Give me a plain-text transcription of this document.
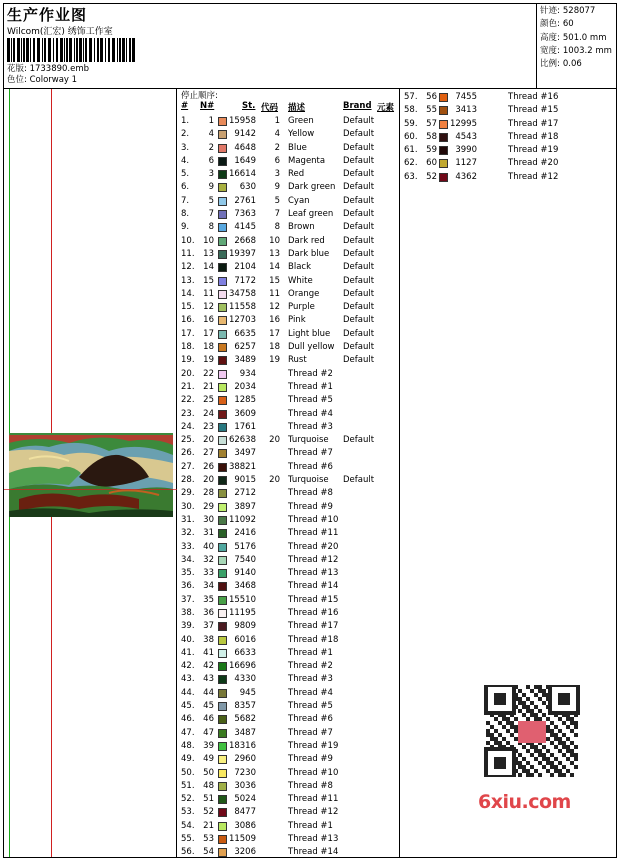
生产作业图
Wilcom(汇宏) 绣饰工作室
花版: 1733890.emb
色位: Colorway 1
针迹: 528077
颜色: 60
高度: 501.0 mm
宽度: 1003.2 mm
比例: 0.06
停止顺序:
# N#	St. 代码 描述	Brand 元素
1.	1 15958	1 Green	Default
2.	4	9142	4 Yellow	Default
3.	2	4648	2 Blue	Default
4.	6	1649	6 Magenta Default
5.	3 16614	3 Red	Default
6.	9	630	9 Dark green Default
7.	5	2761	5 Cyan	Default
8.	7	7363	7 Leaf green Default
9.	8	4145	8 Brown	Default
10.	10	2668	10 Dark red Default
11.	13 19397	13 Dark blue Default
12.	14	2104	14 Black	Default
13.	15	7172	15 White	Default
14.	11 34758	11 Orange	Default
15.	12 11558	12 Purple	Default
16.	16 12703	16 Pink	Default
17.	17	6635	17 Light blue Default
18.	18	6257	18 Dull yellow Default
19.	19	3489	19 Rust	Default
20.	22	934	Thread #2
21.	21	2034	Thread #1
22.	25	1285	Thread #5
23.	24	3609	Thread #4
24.	23	1761	Thread #3
25.	20 62638	20 Turquoise Default
26.	27	3497	Thread #7
27.	26 38821	Thread #6
28.	20	9015	20 Turquoise Default
29.	28	2712	Thread #8
30.	29	3897	Thread #9
31.	30 11092	Thread #10
32.	31	2416	Thread #11
33.	40	5176	Thread #20
34.	32	7540	Thread #12
35.	33	9140	Thread #13
36.	34	3468	Thread #14
37.	35 15510	Thread #15
38.	36 11195	Thread #16
39.	37	9809	Thread #17
40.	38	6016	Thread #18
41.	41	6633	Thread #1
42.	42 16696	Thread #2
43.	43	4330	Thread #3
44.	44	945	Thread #4
45.	45	8357	Thread #5
46.	46	5682	Thread #6
47.	47	3487	Thread #7
48.	39 18316	Thread #19
49.	49	2960	Thread #9
50.	50	7230	Thread #10
51.	48	3036	Thread #8
52.	51	5024	Thread #11
53.	52	8477	Thread #12
54.	21	3086	Thread #1
55.	53 11509	Thread #13
56.	54	3206	Thread #14
57.	56	7455	Thread #16
58.	55	3413	Thread #15
59.	57 12995	Thread #17
60.	58	4543	Thread #18
61.	59	3990	Thread #19
62.	60	1127	Thread #20
63.	52	4362	Thread #12
6xiu.com
